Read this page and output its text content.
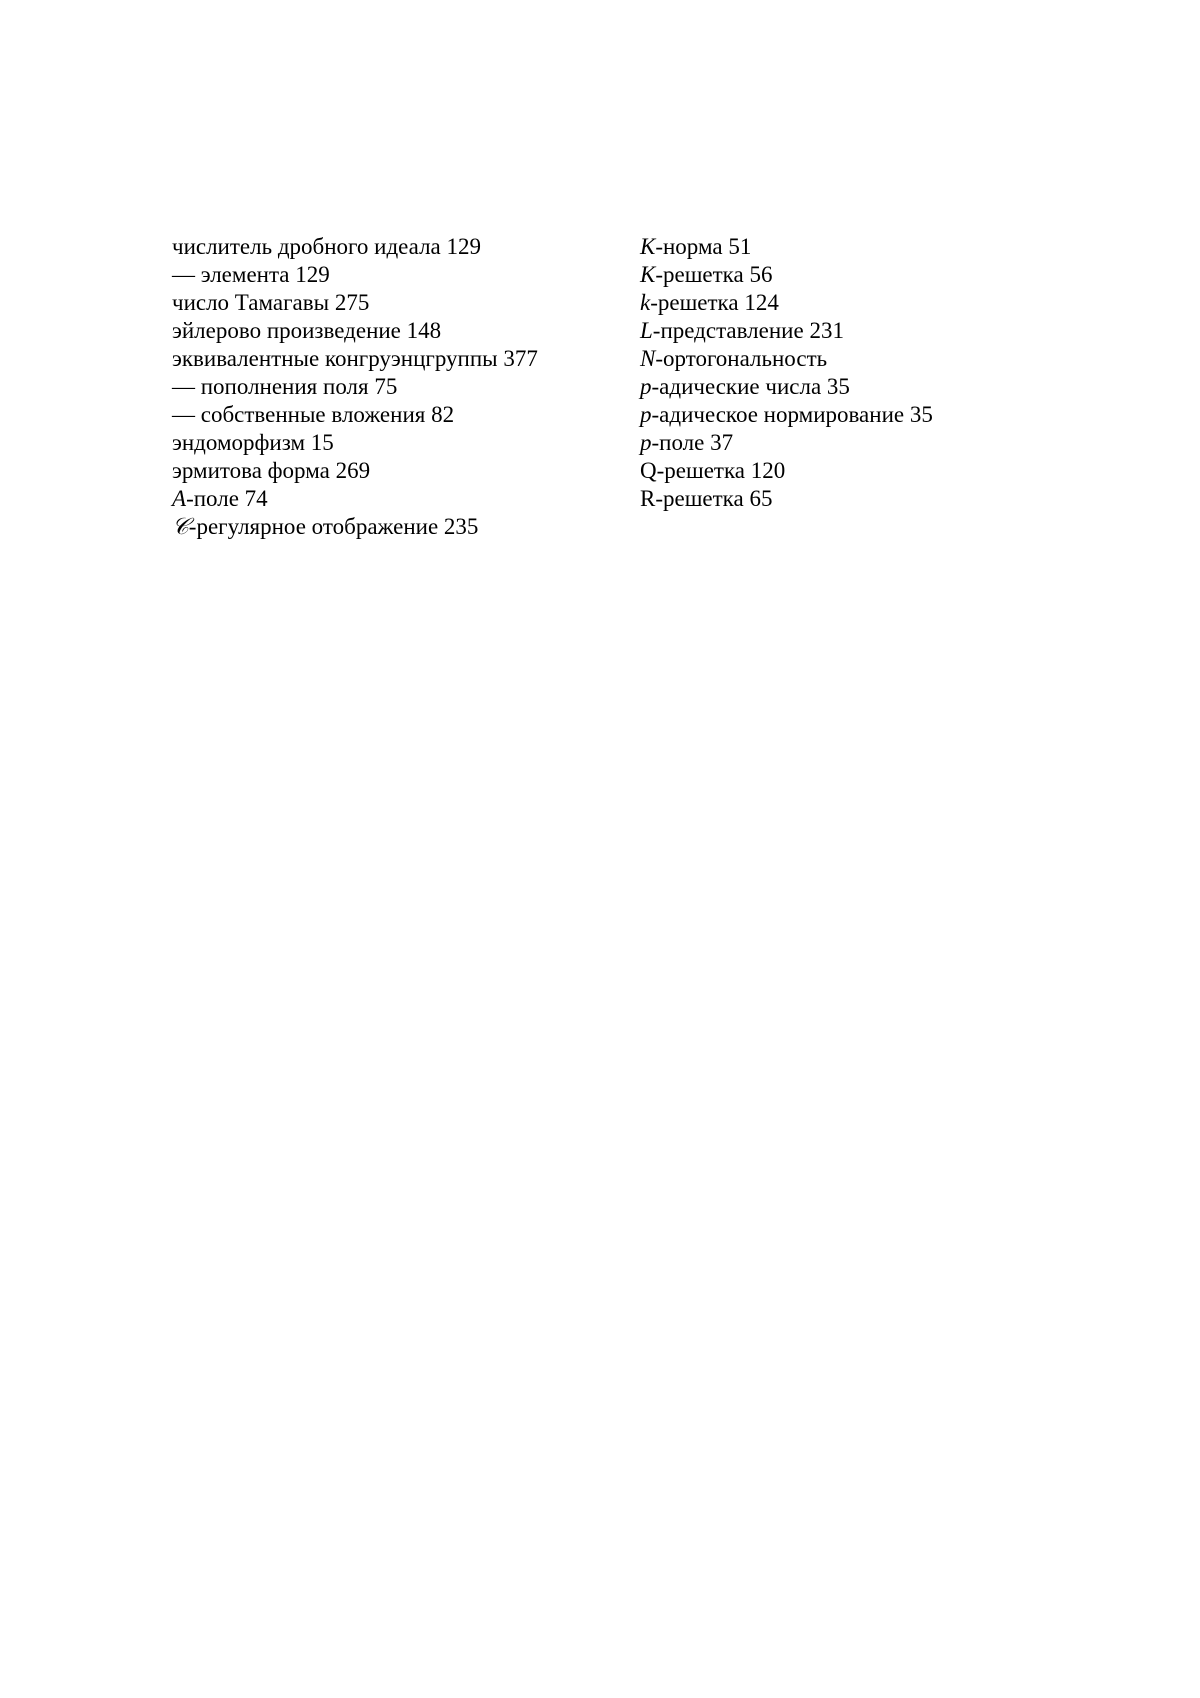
числитель дробного идеала 129
— элемента 129
число Тамагавы 275
эйлерово произведение 148
эквивалентные конгруэнцгруппы 377
— пополнения поля 75
— собственные вложения 82
эндоморфизм 15
эрмитова форма 269
A-поле 74
𝒞-регулярное отображение 235
K-норма 51
K-решетка 56
k-решетка 124
L-представление 231
N-ортогональность
p-адические числа 35
p-адическое нормирование 35
p-поле 37
Q-решетка 120
R-решетка 65
